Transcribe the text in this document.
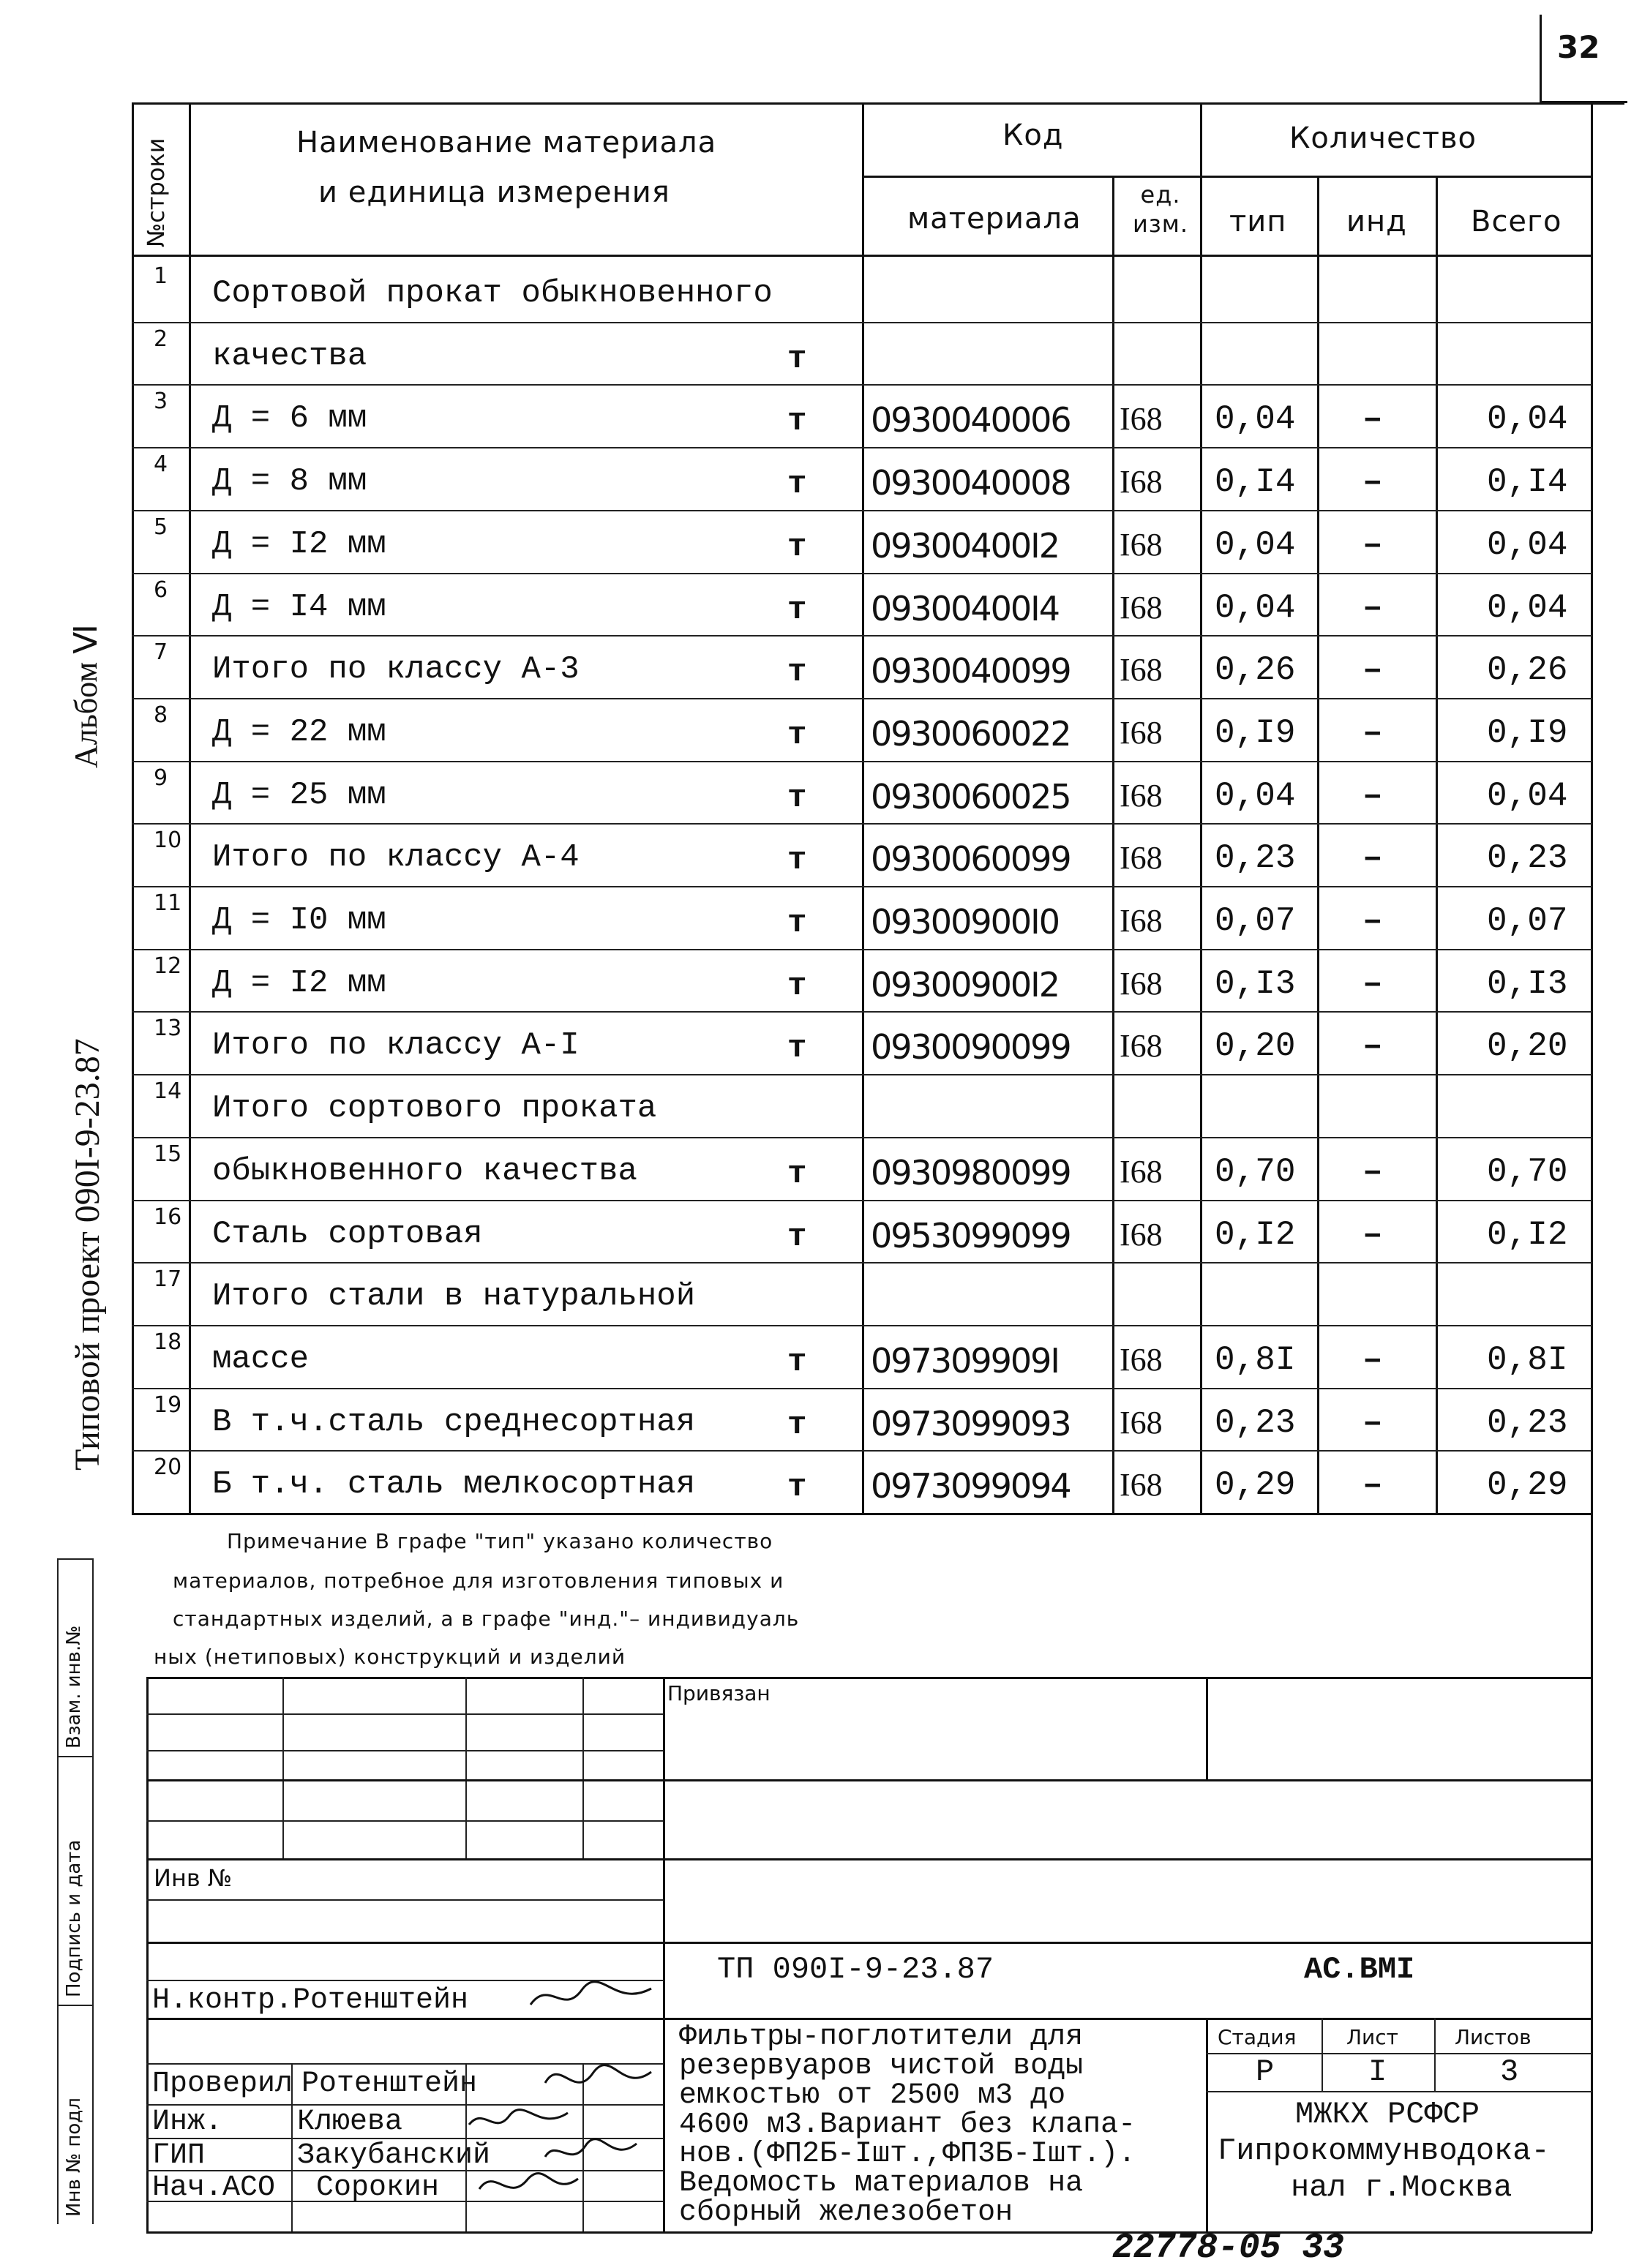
32
Альбом Ⅵ
Типовой проект 090I-9-23.87
Взам. инв.№
Подпись и дата
Инв № подл
№строки	Наименование материала
и единица измерения
Код
материала
ед. изм.
Количество
тип инд Всего
1 Сортовой прокат обыкновенного
2 качества	т
3 Д = 6 мм	т 0930040006 I68 0,04 –	0,04
4 Д = 8 мм	т 0930040008 I68 0,I4 –	0,I4
5 Д = I2 мм	т 09300400I2 I68 0,04 –	0,04
6 Д = I4 мм	т 09300400I4 I68 0,04 –	0,04
7 Итого по классу А-3	т 0930040099 I68 0,26 –	0,26
8 Д = 22 мм	т 0930060022 I68 0,I9 –	0,I9
9 Д = 25 мм	т 0930060025 I68 0,04 –	0,04
10 Итого по классу А-4	т 0930060099 I68 0,23 –	0,23
11 Д = I0 мм	т 09300900I0 I68 0,07 –	0,07
12 Д = I2 мм	т 09300900I2 I68 0,I3 –	0,I3
13 Итого по классу А-I	т 0930090099 I68 0,20 –	0,20
14 Итого сортового проката
15 обыкновенного качества	т 0930980099 I68 0,70 –	0,70
16 Сталь сортовая	т 0953099099 I68 0,I2 –	0,I2
17 Итого стали в натуральной
18 массе	т 097309909I I68 0,8I –	0,8I
19 В т.ч.сталь среднесортная	т 0973099093 I68 0,23 –	0,23
20 Б т.ч. сталь мелкосортная	т 0973099094 I68 0,29 –	0,29
Примечание В графе "тип" указано количество
материалов, потребное для изготовления типовых и
стандартных изделий, а в графе "инд."– индивидуаль
ных (нетиповых) конструкций и изделий
Привязан
Инв №
ТП 090I-9-23.87	АС.ВМI
Н.контр. Ротенштейн
Проверил Ротенштейн
Инж.	Клюева
ГИП	Закубанский
Нач.АСО Сорокин
Фильтры-поглотители для
резервуаров чистой воды
емкостью от 2500 м3 до
4600 м3.Вариант без клапа-
нов.(ФП2Б-Iшт.,ФП3Б-Iшт.).
Ведомость материалов на
сборный железобетон
Стадия Лист	Листов
Р	I	3
МЖКХ РСФСР
Гипрокоммунводока-
нал г.Москва
22778-05 33
